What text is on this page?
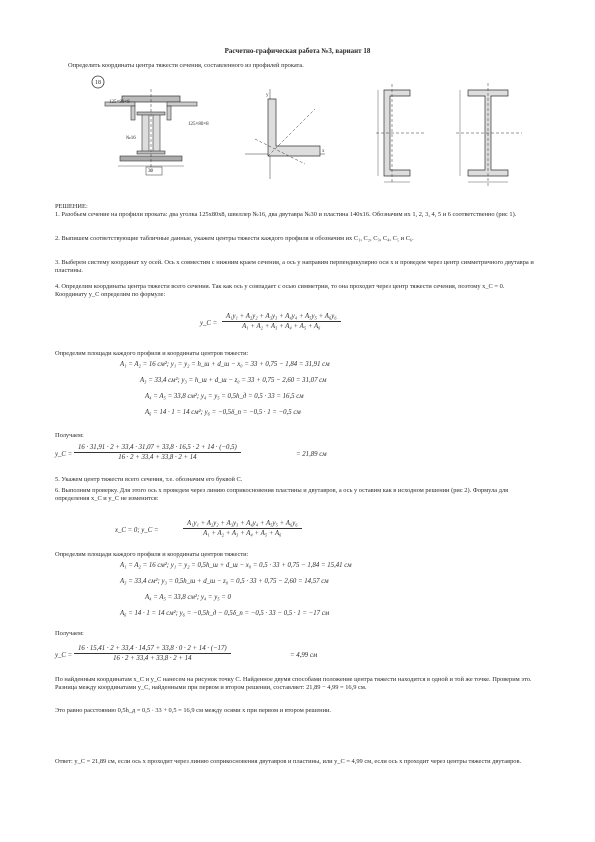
Расчетно-графическая работа №3, вариант 18
Определить координаты центра тяжести сечения, составленного из профилей проката.
18
125×80×8
125×80×8
№16
30
y
x
РЕШЕНИЕ:
1. Разобьем сечение на профили проката: два уголка 125х80х8, швеллер №16, два двутавра №30 и пластина 140х16. Обозначим их 1, 2, 3, 4, 5 и 6 соответственно (рис 1).
2. Выпишем соответствующие табличные данные, укажем центры тяжести каждого профиля и обозначим их C₁, C₂, C₃, C₄, C₅ и C₆.
3. Выберем систему координат xy осей. Ось x совместим с нижним краем сечения, а ось y направим перпендикулярно оси x и проведем через центр симметричного двутавра и пластины.
4. Определим координаты центра тяжести всего сечения. Так как ось y совпадает с осью симметрии, то она проходит через центр тяжести сечения, поэтому x_C = 0. Координату y_C определим по формуле:
y_C = $\frac{\text{A₁y₁ + A₂y₂ + A₃y₃ + A₄y₄ + A₅y₅ + A₆y₆}}{\text{A₁ + A₂ + A₃ + A₄ + A₅ + A₆}}$
Определим площади каждого профиля и координаты центров тяжести:
A₁ = A₂ = 16 см²; y₁ = y₂ = h_ш + d_ш − x₀ = 33 + 0,75 − 1,84 = 31,91 см
A₃ = 33,4 см²; y₃ = h_ш + d_ш − z₀ = 33 + 0,75 − 2,60 = 31,07 см
A₄ = A₅ = 33,8 см²; y₄ = y₅ = 0,5h_д = 0,5 · 33 = 16,5 см
A₆ = 14 · 1 = 14 см²; y₆ = −0,5δ_п = −0,5 · 1 = −0,5 см
Получаем:
y_C =
16 · 31,91 · 2 + 33,4 · 31,07 + 33,8 · 16,5 · 2 + 14 · (−0,5)
16 · 2 + 33,4 + 33,8 · 2 + 14	= 21,89 см
5. Укажем центр тяжести всего сечения, т.е. обозначим его буквой C.
6. Выполним проверку. Для этого ось x проведем через линию соприкосновения пластины и двутавров, а ось y оставим как в исходном решении (рис 2). Формула для определения x_C и y_C не изменится:
x_C = 0; y_C =	$\frac{\text{A₁y₁ + A₂y₂ + A₃y₃ + A₄y₄ + A₅y₅ + A₆y₆}}{\text{A₁ + A₂ + A₃ + A₄ + A₅ + A₆}}$
Определим площади каждого профиля и координаты центров тяжести:
A₁ = A₂ = 16 см²; y₁ = y₂ = 0,5h_ш + d_ш − x₀ = 0,5 · 33 + 0,75 − 1,84 = 15,41 см
A₃ = 33,4 см²; y₃ = 0,5h_ш + d_ш − z₀ = 0,5 · 33 + 0,75 − 2,60 = 14,57 см
A₄ = A₅ = 33,8 см²; y₄ = y₅ = 0
A₆ = 14 · 1 = 14 см²; y₆ = −0,5h_д − 0,5δ_п = −0,5 · 33 − 0,5 · 1 = −17 см
Получаем:
y_C = $\frac{16 \cdot 15,41 \cdot 2 + 33,4 \cdot 14,57 + 33,8 \cdot 0 \cdot 2 + 14 \cdot (-17)}{16 \cdot 2 + 33,4 + 33,8 \cdot 2 + 14}$	= 4,99 см
По найденным координатам x_C и y_C нанесем на рисунок точку C. Найденное двумя способами положение центра тяжести находится в одной и той же точке. Проверим это. Разница между координатами y_C, найденными при первом и втором решении, составляет: 21,89 − 4,99 = 16,9 см.
Это равно расстоянию 0,5h_д = 0,5 · 33 + 0,5 = 16,9 см между осями x при первом и втором решении.
Ответ: y_C = 21,89 см, если ось x проходит через линию соприкосновения двутавров и пластины, или y_C = 4,99 см, если ось x проходит через центры тяжести двутавров.
